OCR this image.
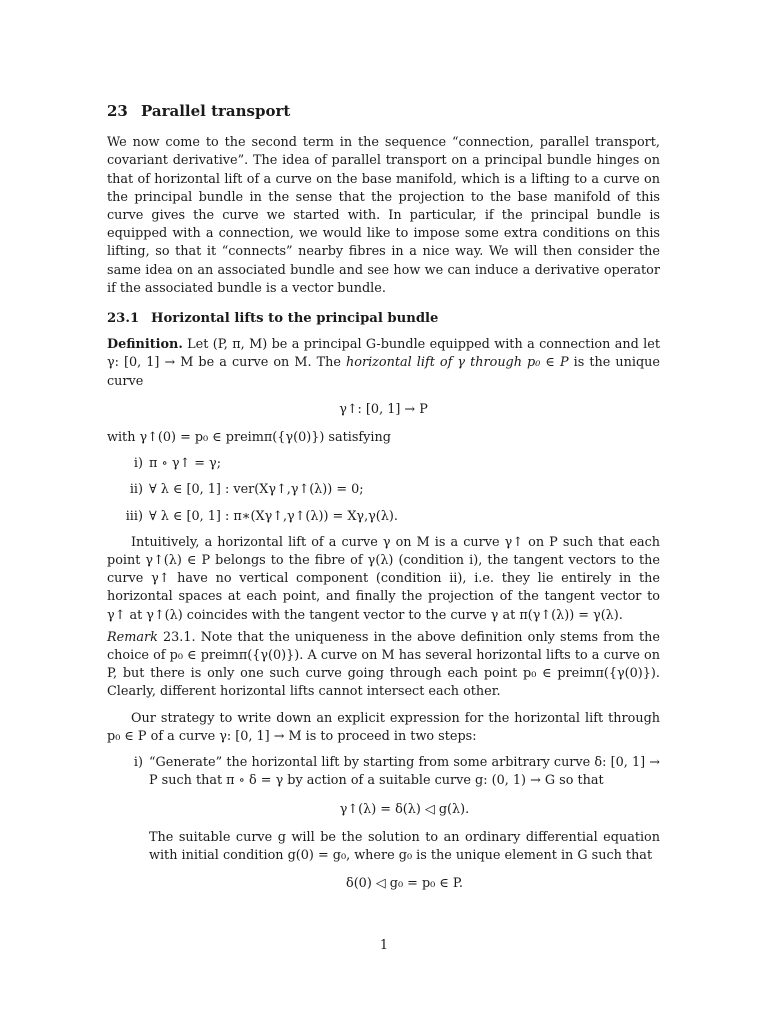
23 Parallel transport

We now come to the second term in the sequence “connection, parallel transport, covariant derivative”. The idea of parallel transport on a principal bundle hinges on that of horizontal lift of a curve on the base manifold, which is a lifting to a curve on the principal bundle in the sense that the projection to the base manifold of this curve gives the curve we started with. In particular, if the principal bundle is equipped with a connection, we would like to impose some extra conditions on this lifting, so that it “connects” nearby fibres in a nice way. We will then consider the same idea on an associated bundle and see how we can induce a derivative operator if the associated bundle is a vector bundle.

23.1 Horizontal lifts to the principal bundle

Definition. Let (P, π, M) be a principal G-bundle equipped with a connection and let γ: [0, 1] → M be a curve on M. The horizontal lift of γ through p₀ ∈ P is the unique curve

γ↑: [0, 1] → P

with γ↑(0) = p₀ ∈ preimπ({γ(0)}) satisfying

i) π ∘ γ↑ = γ;
ii) ∀ λ ∈ [0, 1] : ver(Xγ↑,γ↑(λ)) = 0;
iii) ∀ λ ∈ [0, 1] : π∗(Xγ↑,γ↑(λ)) = Xγ,γ(λ).

Intuitively, a horizontal lift of a curve γ on M is a curve γ↑ on P such that each point γ↑(λ) ∈ P belongs to the fibre of γ(λ) (condition i), the tangent vectors to the curve γ↑ have no vertical component (condition ii), i.e. they lie entirely in the horizontal spaces at each point, and finally the projection of the tangent vector to γ↑ at γ↑(λ) coincides with the tangent vector to the curve γ at π(γ↑(λ)) = γ(λ).

Remark 23.1. Note that the uniqueness in the above definition only stems from the choice of p₀ ∈ preimπ({γ(0)}). A curve on M has several horizontal lifts to a curve on P, but there is only one such curve going through each point p₀ ∈ preimπ({γ(0)}). Clearly, different horizontal lifts cannot intersect each other.

Our strategy to write down an explicit expression for the horizontal lift through p₀ ∈ P of a curve γ: [0, 1] → M is to proceed in two steps:

i) “Generate” the horizontal lift by starting from some arbitrary curve δ: [0, 1] → P such that π ∘ δ = γ by action of a suitable curve g: (0, 1) → G so that

γ↑(λ) = δ(λ) ◁ g(λ).

The suitable curve g will be the solution to an ordinary differential equation with initial condition g(0) = g₀, where g₀ is the unique element in G such that

δ(0) ◁ g₀ = p₀ ∈ P.
1
